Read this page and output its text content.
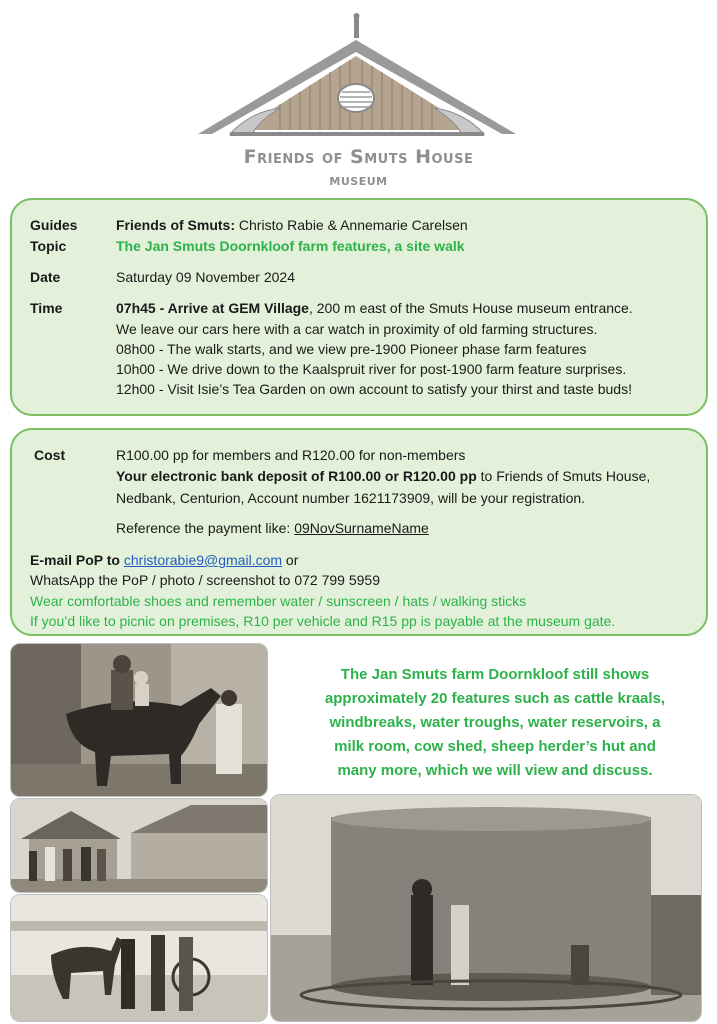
Friends of Smuts House
museum
Guides	Friends of Smuts: Christo Rabie & Annemarie Carelsen
Topic	The Jan Smuts Doornkloof farm features, a site walk
Date	Saturday 09 November 2024
Time	07h45 - Arrive at GEM Village, 200 m east of the Smuts House museum entrance.
We leave our cars here with a car watch in proximity of old farming structures.
08h00 - The walk starts, and we view pre-1900 Pioneer phase farm features
10h00 - We drive down to the Kaalspruit river for post-1900 farm feature surprises.
12h00 - Visit Isie’s Tea Garden on own account to satisfy your thirst and taste buds!
Cost	R100.00 pp for members and R120.00 for non-members
Your electronic bank deposit of R100.00 or R120.00 pp to Friends of Smuts House,
Nedbank, Centurion, Account number 1621173909, will be your registration.
Reference the payment like: 09NovSurnameName
E-mail PoP to christorabie9@gmail.com or
WhatsApp the PoP / photo / screenshot to 072 799 5959
Wear comfortable shoes and remember water / sunscreen / hats / walking sticks
If you’d like to picnic on premises, R10 per vehicle and R15 pp is payable at the museum gate.
The Jan Smuts farm Doornkloof still shows
approximately 20 features such as cattle kraals,
windbreaks, water troughs, water reservoirs, a
milk room, cow shed, sheep herder’s hut and
many more, which we will view and discuss.
